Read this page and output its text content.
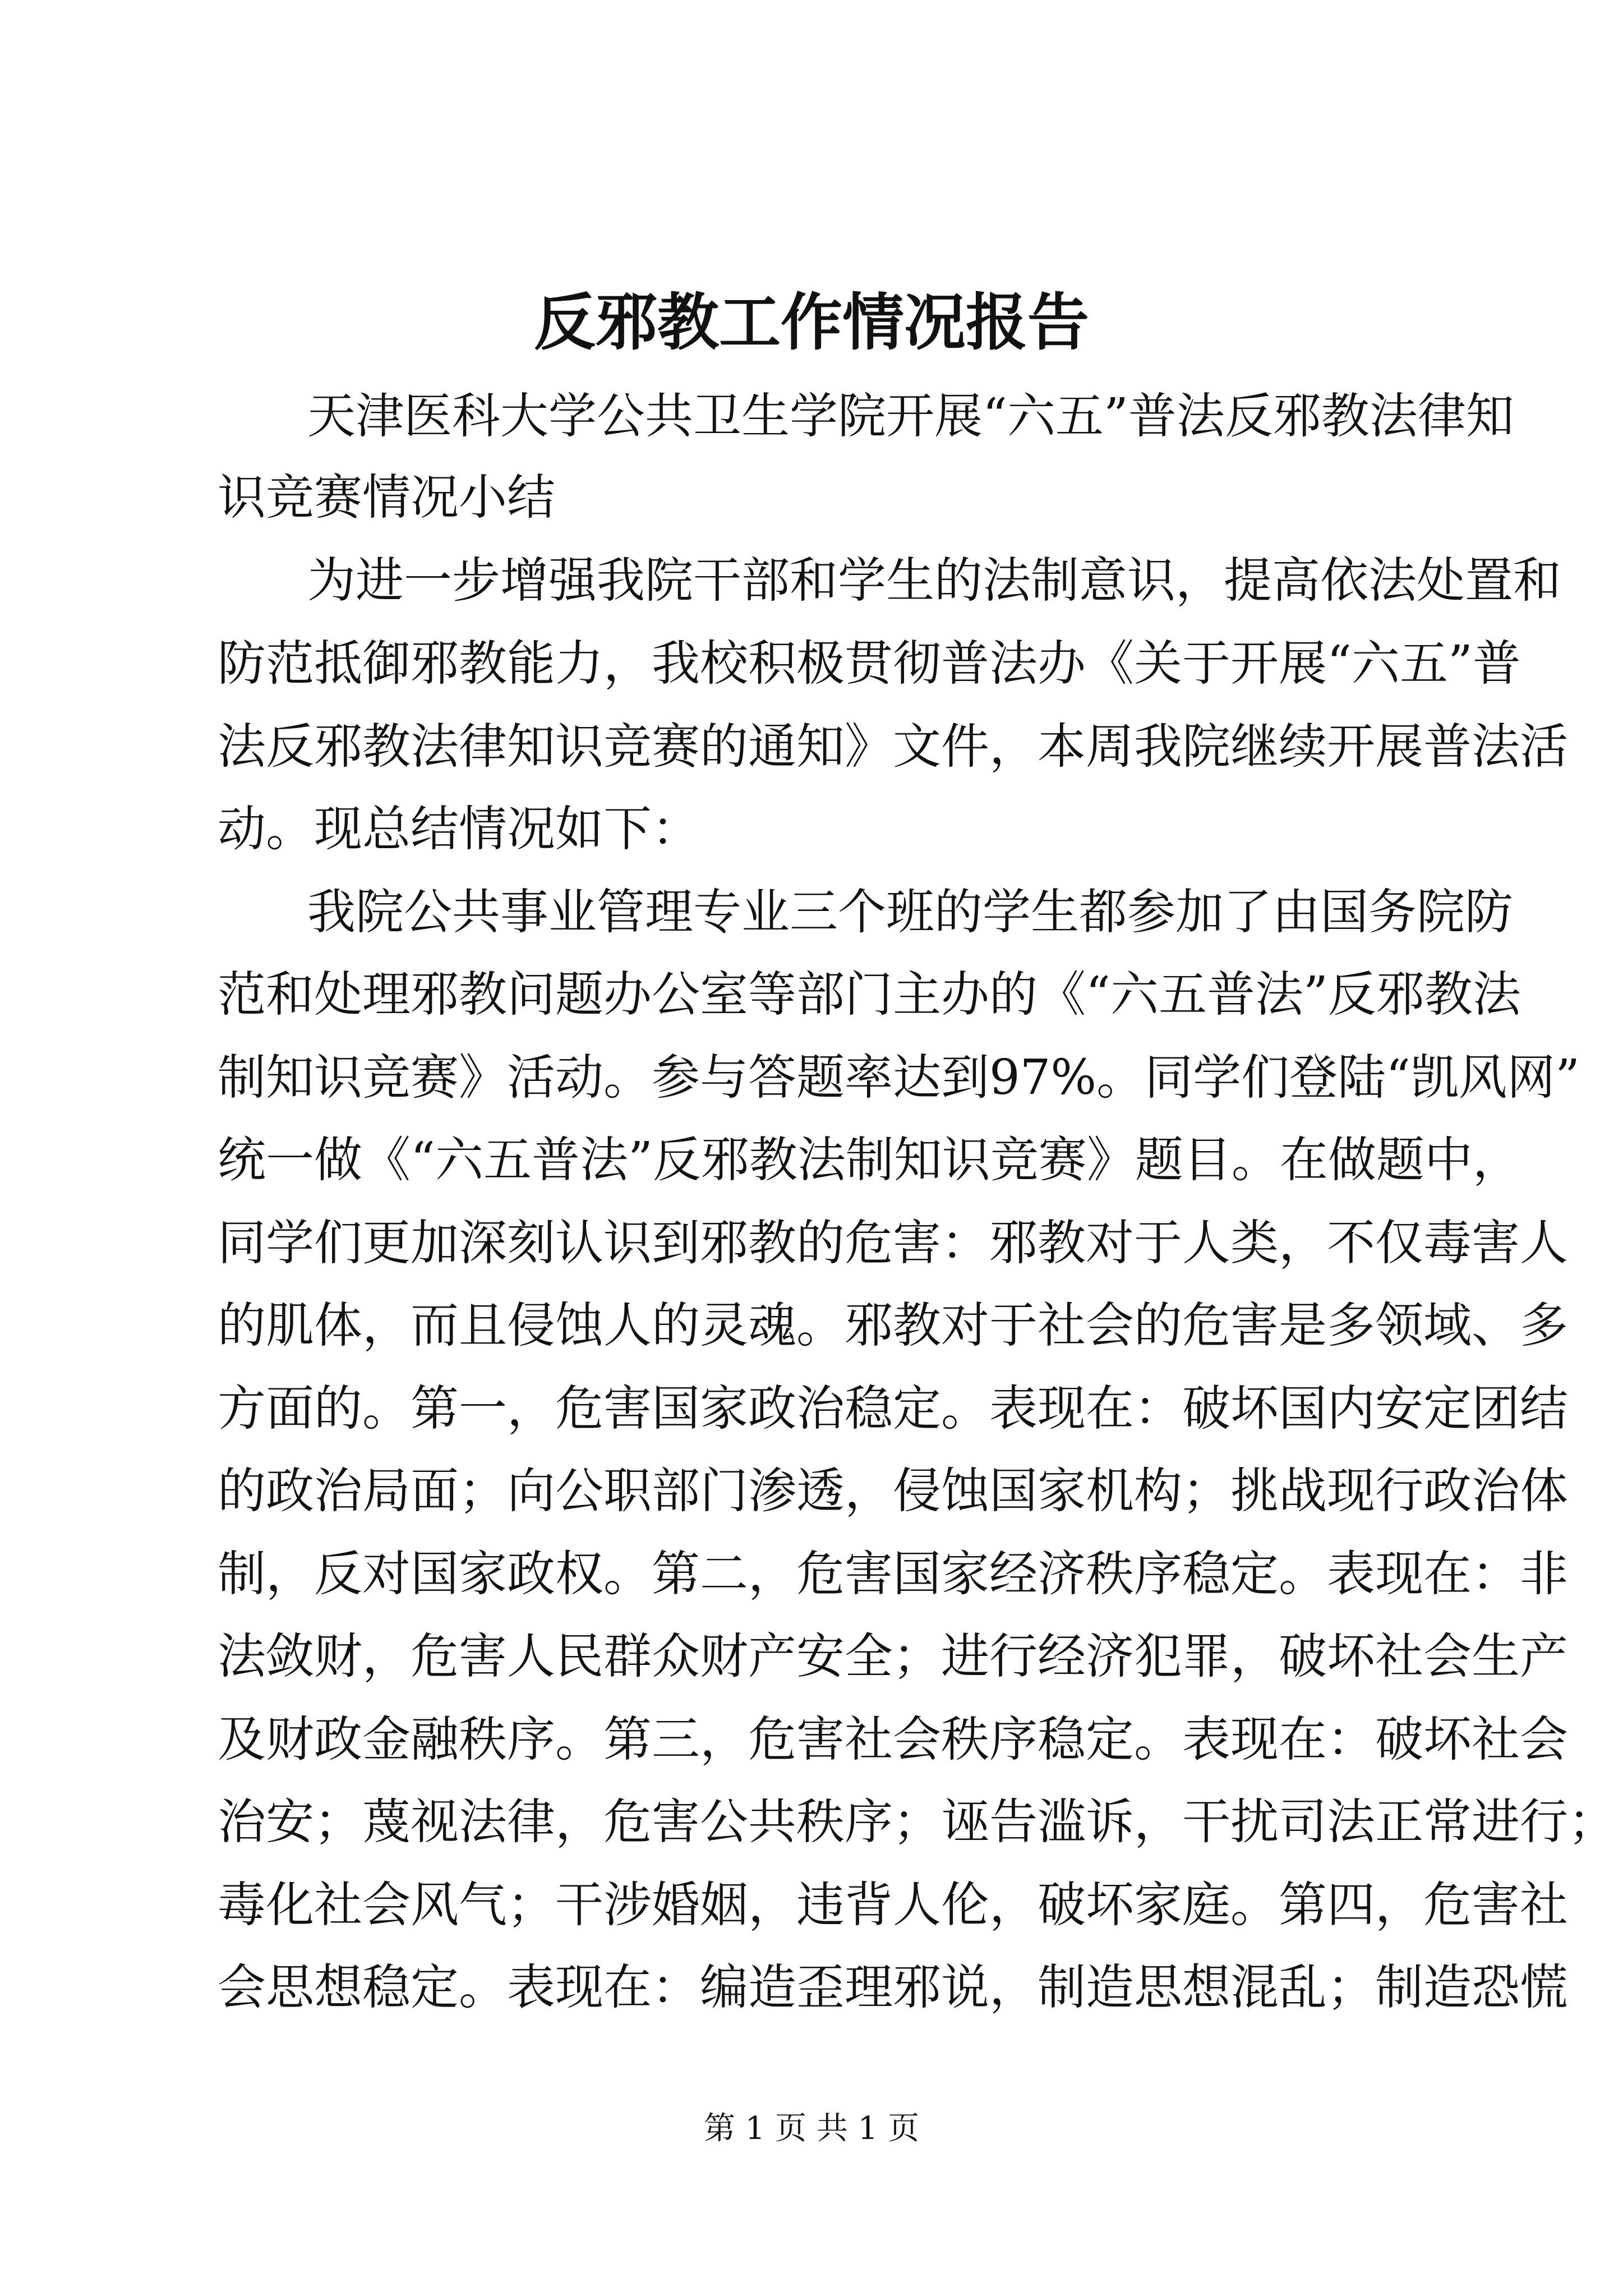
反邪教工作情况报告
天津医科大学公共卫生学院开展“六五”普法反邪教法律知
识竞赛情况小结
为进一步增强我院干部和学生的法制意识，提高依法处置和
防范抵御邪教能力，我校积极贯彻普法办《关于开展“六五”普
法反邪教法律知识竞赛的通知》文件，本周我院继续开展普法活
动。现总结情况如下：
我院公共事业管理专业三个班的学生都参加了由国务院防
范和处理邪教问题办公室等部门主办的《“六五普法”反邪教法
制知识竞赛》活动。参与答题率达到97%。同学们登陆“凯风网”
统一做《“六五普法”反邪教法制知识竞赛》题目。在做题中，
同学们更加深刻认识到邪教的危害：邪教对于人类，不仅毒害人
的肌体，而且侵蚀人的灵魂。邪教对于社会的危害是多领域、多
方面的。第一，危害国家政治稳定。表现在：破坏国内安定团结
的政治局面；向公职部门渗透，侵蚀国家机构；挑战现行政治体
制，反对国家政权。第二，危害国家经济秩序稳定。表现在：非
法敛财，危害人民群众财产安全；进行经济犯罪，破坏社会生产
及财政金融秩序。第三，危害社会秩序稳定。表现在：破坏社会
治安；蔑视法律，危害公共秩序；诬告滥诉，干扰司法正常进行；
毒化社会风气；干涉婚姻，违背人伦，破坏家庭。第四，危害社
会思想稳定。表现在：编造歪理邪说，制造思想混乱；制造恐慌
第 1 页 共 1 页
